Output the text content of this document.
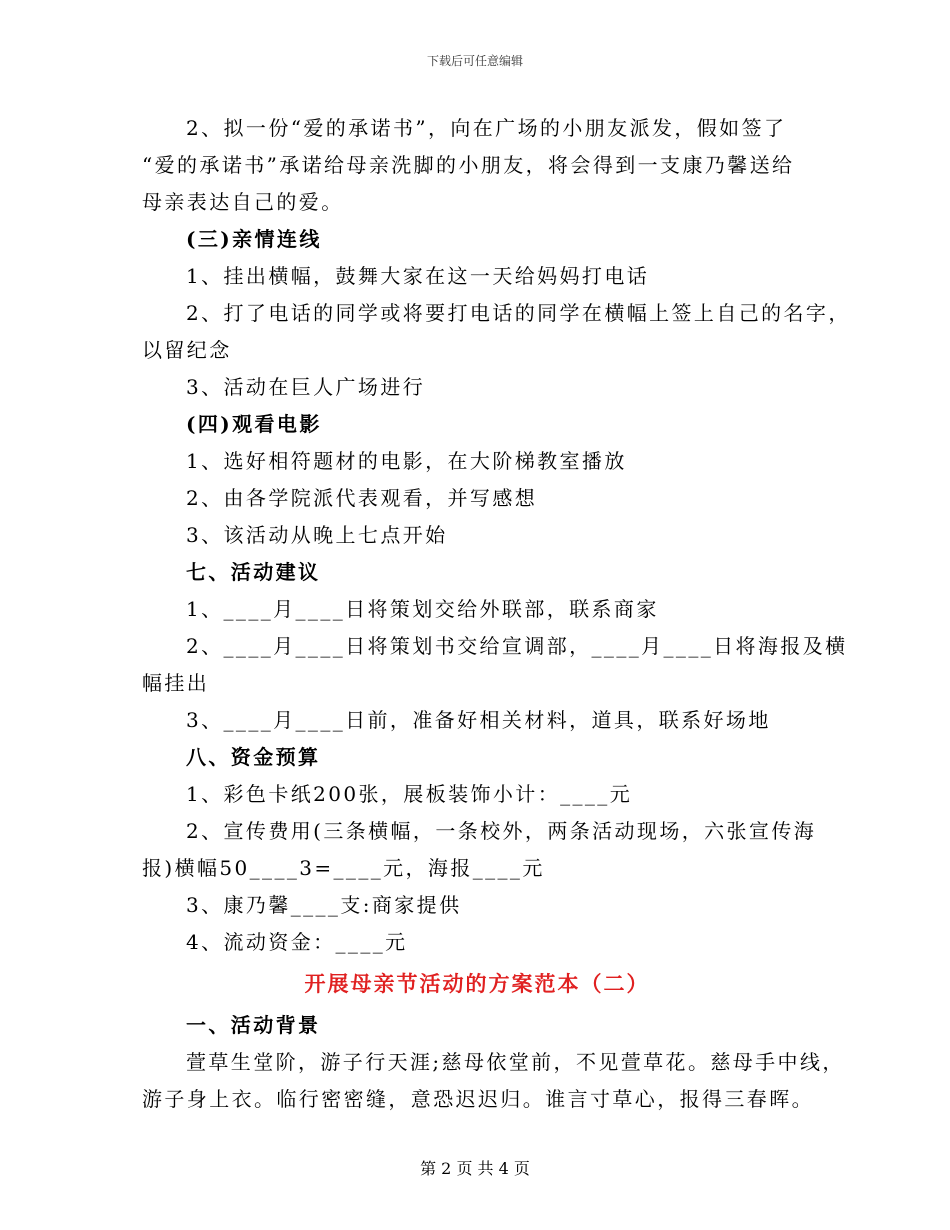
下载后可任意编辑
2、拟一份“爱的承诺书”，向在广场的小朋友派发，假如签了
“爱的承诺书”承诺给母亲洗脚的小朋友，将会得到一支康乃馨送给
母亲表达自己的爱。
(三)亲情连线
1、挂出横幅，鼓舞大家在这一天给妈妈打电话
2、打了电话的同学或将要打电话的同学在横幅上签上自己的名字，
以留纪念
3、活动在巨人广场进行
(四)观看电影
1、选好相符题材的电影，在大阶梯教室播放
2、由各学院派代表观看，并写感想
3、该活动从晚上七点开始
七、活动建议
1、____月____日将策划交给外联部，联系商家
2、____月____日将策划书交给宣调部，____月____日将海报及横
幅挂出
3、____月____日前，准备好相关材料，道具，联系好场地
八、资金预算
1、彩色卡纸200张，展板装饰小计：____元
2、宣传费用(三条横幅，一条校外，两条活动现场，六张宣传海
报)横幅50____3=____元，海报____元
3、康乃馨____支:商家提供
4、流动资金：____元
开展母亲节活动的方案范本（二）
一、活动背景
萱草生堂阶，游子行天涯;慈母依堂前，不见萱草花。慈母手中线，
游子身上衣。临行密密缝，意恐迟迟归。谁言寸草心，报得三春晖。
第 2 页 共 4 页
